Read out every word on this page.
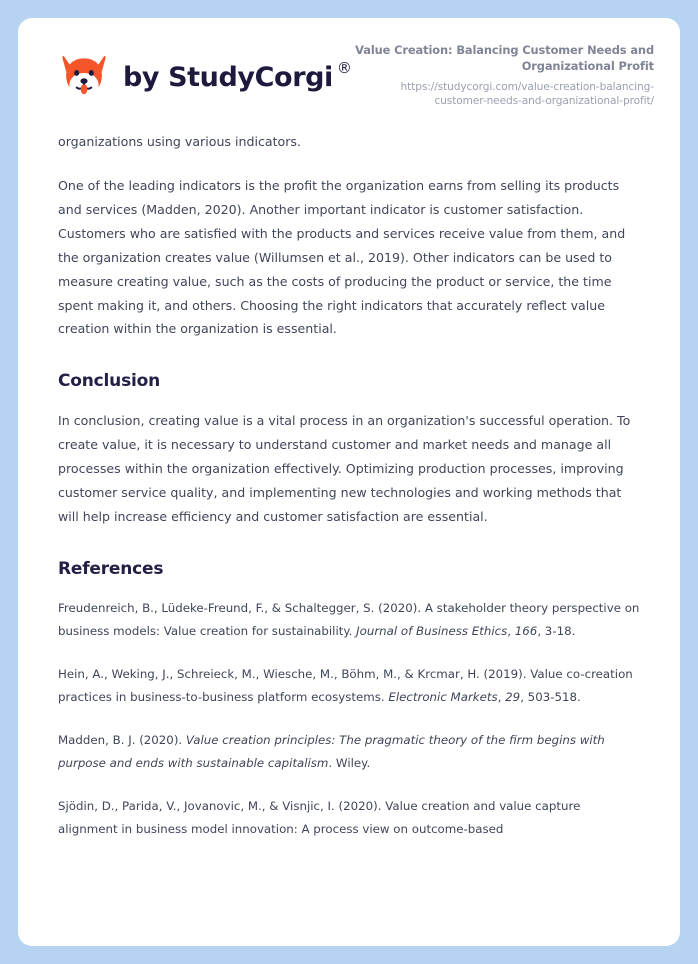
by StudyCorgi ®
Value Creation: Balancing Customer Needs and Organizational Profit
https://studycorgi.com/value-creation-balancing-customer-needs-and-organizational-profit/

organizations using various indicators.

One of the leading indicators is the profit the organization earns from selling its products and services (Madden, 2020). Another important indicator is customer satisfaction. Customers who are satisfied with the products and services receive value from them, and the organization creates value (Willumsen et al., 2019). Other indicators can be used to measure creating value, such as the costs of producing the product or service, the time spent making it, and others. Choosing the right indicators that accurately reflect value creation within the organization is essential.

Conclusion

In conclusion, creating value is a vital process in an organization's successful operation. To create value, it is necessary to understand customer and market needs and manage all processes within the organization effectively. Optimizing production processes, improving customer service quality, and implementing new technologies and working methods that will help increase efficiency and customer satisfaction are essential.

References

Freudenreich, B., Lüdeke-Freund, F., & Schaltegger, S. (2020). A stakeholder theory perspective on business models: Value creation for sustainability. Journal of Business Ethics, 166, 3-18.

Hein, A., Weking, J., Schreieck, M., Wiesche, M., Böhm, M., & Krcmar, H. (2019). Value co-creation practices in business-to-business platform ecosystems. Electronic Markets, 29, 503-518.

Madden, B. J. (2020). Value creation principles: The pragmatic theory of the firm begins with purpose and ends with sustainable capitalism. Wiley.

Sjödin, D., Parida, V., Jovanovic, M., & Visnjic, I. (2020). Value creation and value capture alignment in business model innovation: A process view on outcome-based
